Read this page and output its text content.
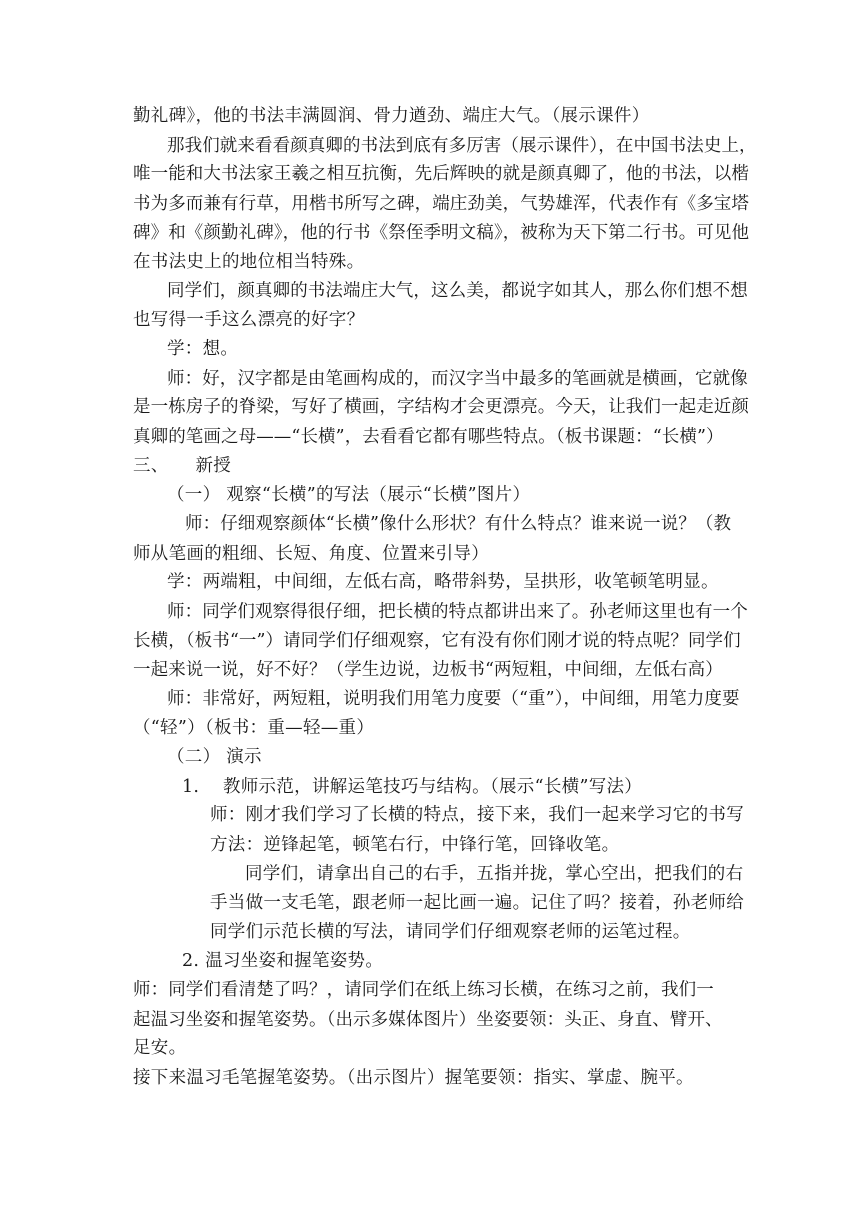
勤礼碑》，他的书法丰满圆润、骨力遒劲、端庄大气。（展示课件）
那我们就来看看颜真卿的书法到底有多厉害（展示课件），在中国书法史上，
唯一能和大书法家王羲之相互抗衡，先后辉映的就是颜真卿了，他的书法，以楷
书为多而兼有行草，用楷书所写之碑，端庄劲美，气势雄浑，代表作有《多宝塔
碑》和《颜勤礼碑》，他的行书《祭侄季明文稿》，被称为天下第二行书。可见他
在书法史上的地位相当特殊。
同学们，颜真卿的书法端庄大气，这么美，都说字如其人，那么你们想不想
也写得一手这么漂亮的好字？
学：想。
师：好，汉字都是由笔画构成的，而汉字当中最多的笔画就是横画，它就像
是一栋房子的脊梁，写好了横画，字结构才会更漂亮。今天，让我们一起走近颜
真卿的笔画之母——“长横”，去看看它都有哪些特点。（板书课题：“长横”）
三、　　新授
（一） 观察“长横”的写法（展示“长横”图片）
师：仔细观察颜体“长横”像什么形状？有什么特点？谁来说一说？（教
师从笔画的粗细、长短、角度、位置来引导）
学：两端粗，中间细，左低右高，略带斜势，呈拱形，收笔顿笔明显。
师：同学们观察得很仔细，把长横的特点都讲出来了。孙老师这里也有一个
长横，（板书“一”）请同学们仔细观察，它有没有你们刚才说的特点呢？同学们
一起来说一说，好不好？（学生边说，边板书“两短粗，中间细，左低右高）
师：非常好，两短粗，说明我们用笔力度要（“重”），中间细，用笔力度要
（“轻”）（板书：重—轻—重）
（二） 演示
1.　 教师示范，讲解运笔技巧与结构。（展示“长横”写法）
师：刚才我们学习了长横的特点，接下来，我们一起来学习它的书写
方法：逆锋起笔，顿笔右行，中锋行笔，回锋收笔。
同学们，请拿出自己的右手，五指并拢，掌心空出，把我们的右
手当做一支毛笔，跟老师一起比画一遍。记住了吗？接着，孙老师给
同学们示范长横的写法，请同学们仔细观察老师的运笔过程。
2. 温习坐姿和握笔姿势。
师：同学们看清楚了吗？，请同学们在纸上练习长横，在练习之前，我们一
起温习坐姿和握笔姿势。（出示多媒体图片）坐姿要领：头正、身直、臂开、
足安。
接下来温习毛笔握笔姿势。（出示图片）握笔要领：指实、掌虚、腕平。
